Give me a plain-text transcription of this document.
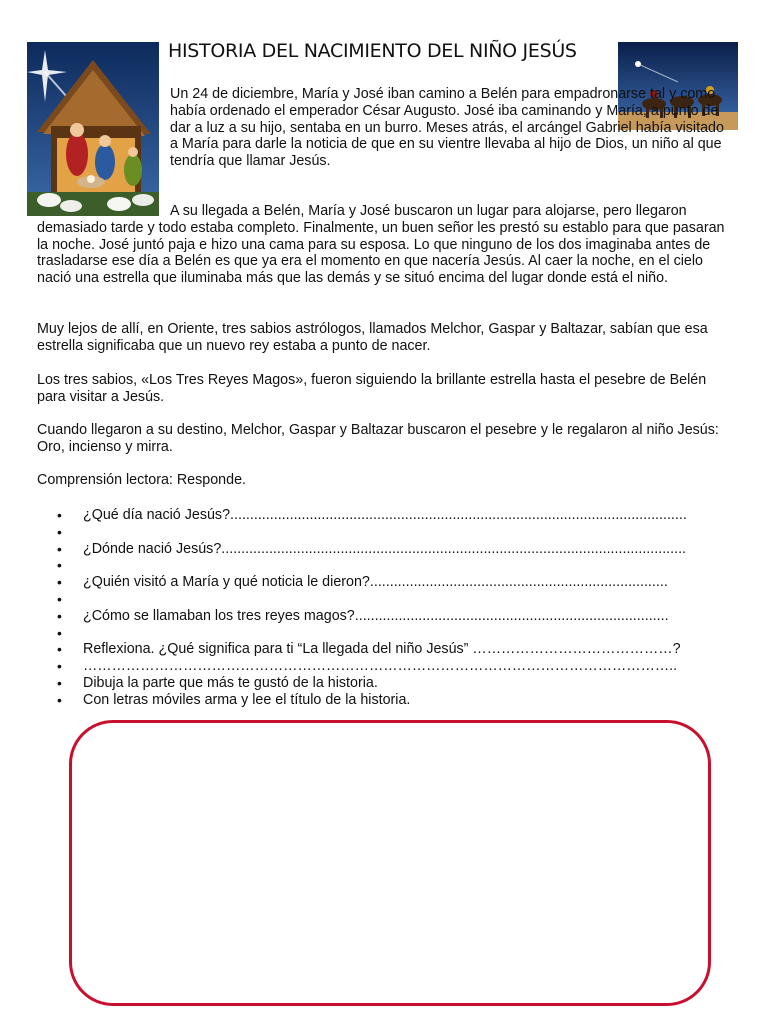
HISTORIA DEL NACIMIENTO DEL NIÑO JESÚS

Un 24 de diciembre, María y José iban camino a Belén para empadronarse tal y como había ordenado el emperador César Augusto. José iba caminando y María, a punto de dar a luz a su hijo, sentaba en un burro. Meses atrás, el arcángel Gabriel había visitado a María para darle la noticia de que en su vientre llevaba al hijo de Dios, un niño al que tendría que llamar Jesús.

A su llegada a Belén, María y José buscaron un lugar para alojarse, pero llegaron demasiado tarde y todo estaba completo. Finalmente, un buen señor les prestó su establo para que pasaran la noche. José juntó paja e hizo una cama para su esposa. Lo que ninguno de los dos imaginaba antes de trasladarse ese día a Belén es que ya era el momento en que nacería Jesús. Al caer la noche, en el cielo nació una estrella que iluminaba más que las demás y se situó encima del lugar donde está el niño.

Muy lejos de allí, en Oriente, tres sabios astrólogos, llamados Melchor, Gaspar y Baltazar, sabían que esa estrella significaba que un nuevo rey estaba a punto de nacer.

Los tres sabios, «Los Tres Reyes Magos», fueron siguiendo la brillante estrella hasta el pesebre de Belén para visitar a Jesús.

Cuando llegaron a su destino, Melchor, Gaspar y Baltazar buscaron el pesebre y le regalaron al niño Jesús: Oro, incienso y mirra.

Comprensión lectora: Responde.

• ¿Qué día nació Jesús?...................................................................................................................
•
• ¿Dónde nació Jesús?.....................................................................................................................
•
• ¿Quién visitó a María y qué noticia le dieron?...........................................................................
•
• ¿Cómo se llamaban los tres reyes magos?...............................................................................
•
• Reflexiona. ¿Qué significa para ti “La llegada del niño Jesús” ……………………………………?
• ……………………………………………………………………………………………………………..
• Dibuja la parte que más te gustó de la historia.
• Con letras móviles arma y lee el título de la historia.
